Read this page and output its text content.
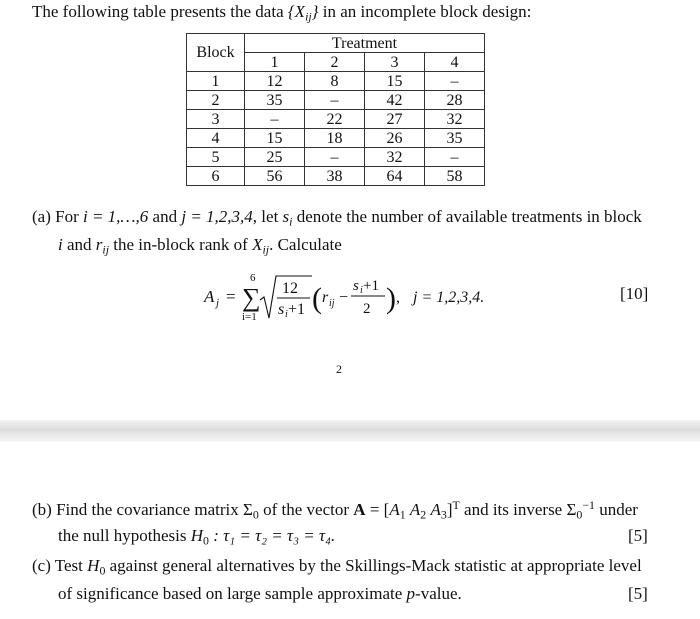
The following table presents the data $\{X_{ij}\}$ in an incomplete block design:
Block	Treatment			
	1	2	3	4
1	12	8	15	–
2	35	–	42	28
3	–	22	27	32
4	15	18	26	35
5	25	–	32	–
6	56	38	64	58
(a) For i = 1,…,6 and j = 1,2,3,4, let $s_i$ denote the number of available treatments in block
i and $r_{ij}$ the in-block rank of $X_{ij}$. Calculate
A j = ∑
6
i=1
12
s i +1 ( r ij −
s i +1
2 ) , j = 1,2,3,4.	[10]
2
(b) Find the covariance matrix $\Sigma_0$ of the vector $A = [A_1$ $A_2$ $A_3]^T$ and its inverse $\Sigma_0^{-1}$ under
the null hypothesis $H_0$ : τ₁ = τ₂ = τ₃ = τ₄.	[5]
(c) Test $H_0$ against general alternatives by the Skillings-Mack statistic at appropriate level
of significance based on large sample approximate p-value.	[5]
